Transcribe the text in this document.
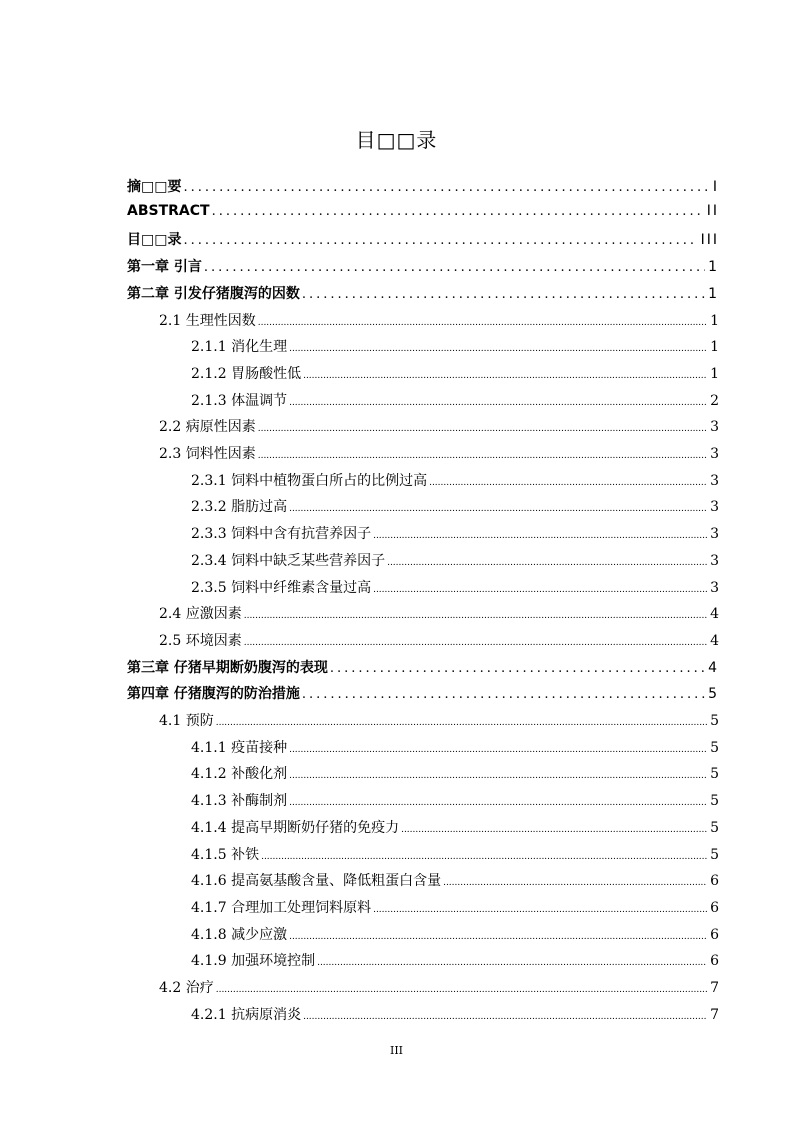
目□□录
摘□□要 .....	I
ABSTRACT .....	II
目□□录 .....	III
第一章 引言 .....	1
第二章 引发仔猪腹泻的因数 .....	1
2.1 生理性因数 .....	1
2.1.1 消化生理 .....	1
2.1.2 胃肠酸性低 .....	1
2.1.3 体温调节 .....	2
2.2 病原性因素 .....	3
2.3 饲料性因素 .....	3
2.3.1 饲料中植物蛋白所占的比例过高 .....	3
2.3.2 脂肪过高 .....	3
2.3.3 饲料中含有抗营养因子 .....	3
2.3.4 饲料中缺乏某些营养因子 .....	3
2.3.5 饲料中纤维素含量过高 .....	3
2.4 应激因素 .....	4
2.5 环境因素 .....	4
第三章 仔猪早期断奶腹泻的表现 .....	4
第四章 仔猪腹泻的防治措施 .....	5
4.1 预防 .....	5
4.1.1 疫苗接种 .....	5
4.1.2 补酸化剂 .....	5
4.1.3 补酶制剂 .....	5
4.1.4 提高早期断奶仔猪的免疫力 .....	5
4.1.5 补铁 .....	5
4.1.6 提高氨基酸含量、降低粗蛋白含量 .....	6
4.1.7 合理加工处理饲料原料 .....	6
4.1.8 减少应激 .....	6
4.1.9 加强环境控制 .....	6
4.2 治疗 .....	7
4.2.1 抗病原消炎 .....	7
III
